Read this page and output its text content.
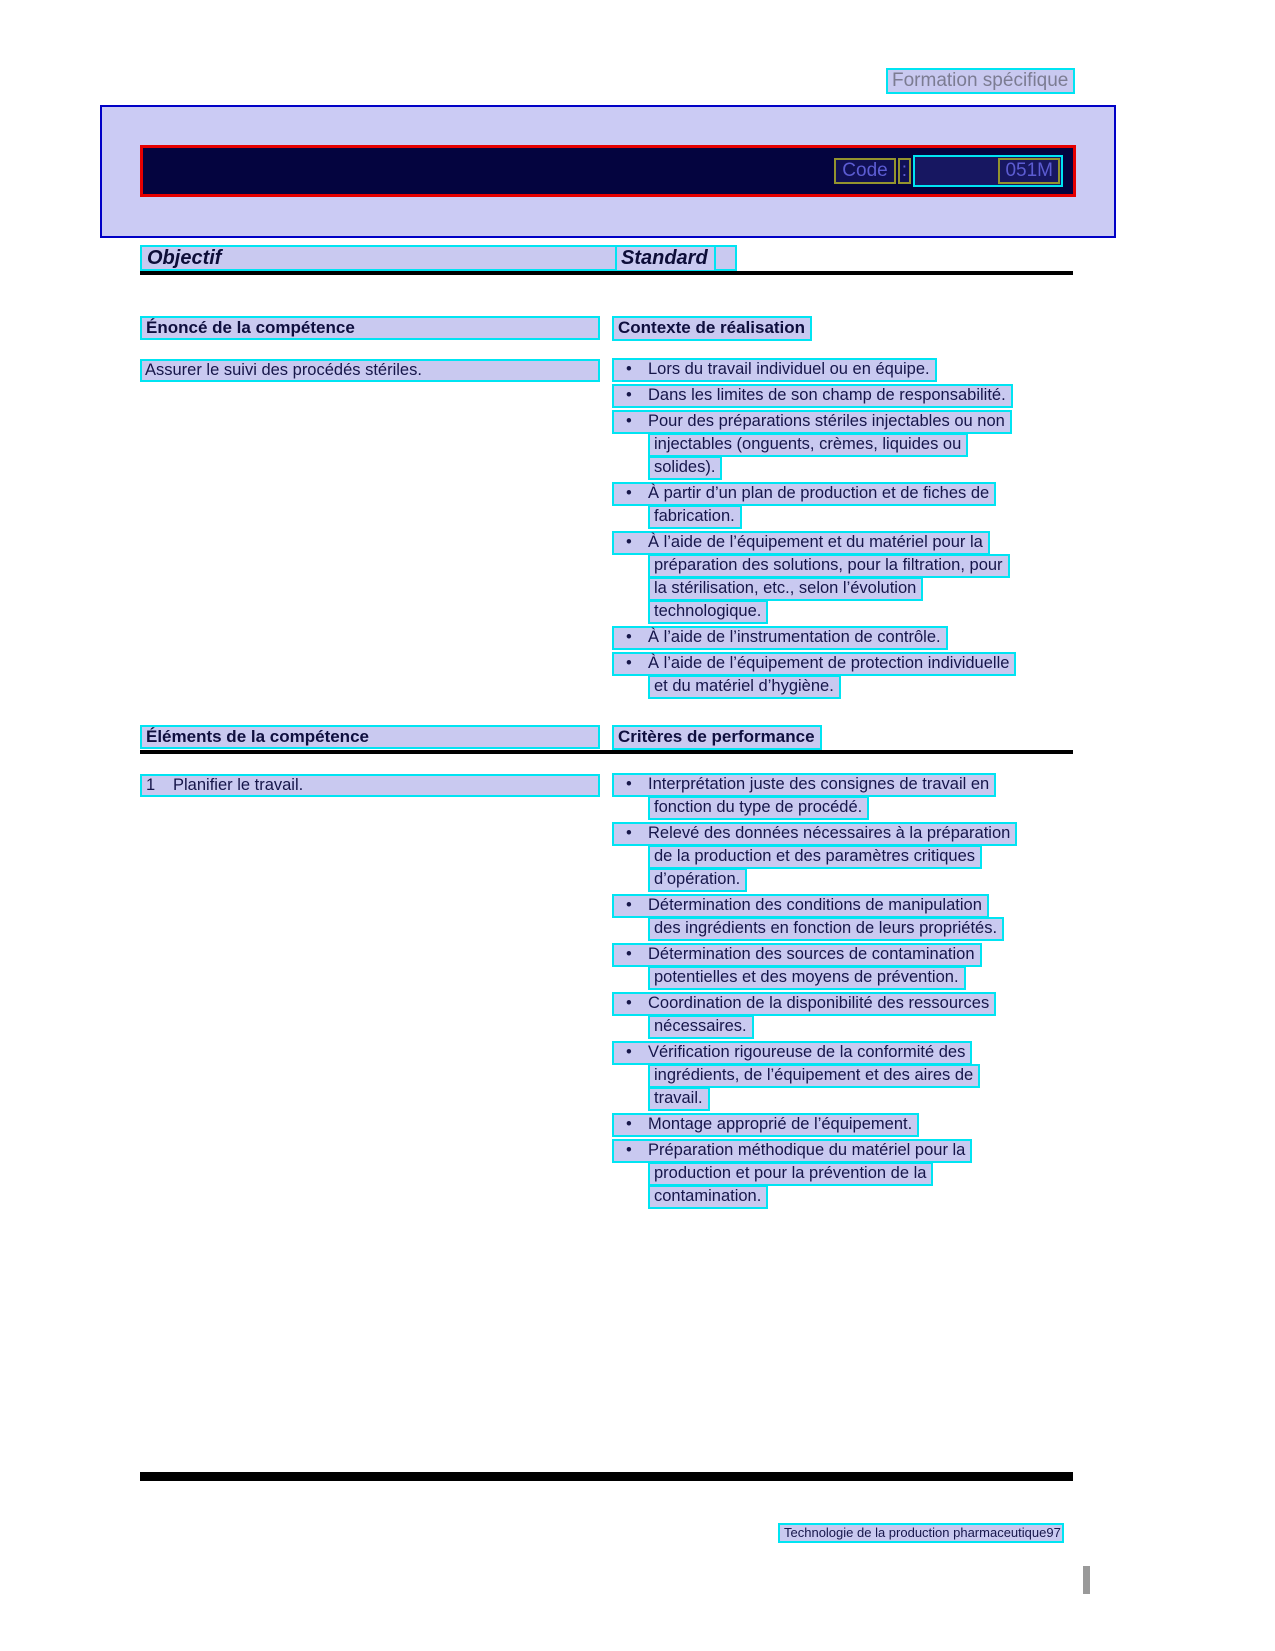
Formation spécifique
Code :	051M
Objectif	Standard
Énoncé de la compétence	Contexte de réalisation
Assurer le suivi des procédés stériles.	• Lors du travail individuel ou en équipe.
• Dans les limites de son champ de responsabilité.
• Pour des préparations stériles injectables ou non
injectables (onguents, crèmes, liquides ou
solides).
• À partir d’un plan de production et de fiches de
fabrication.
• À l’aide de l’équipement et du matériel pour la
préparation des solutions, pour la filtration, pour
la stérilisation, etc., selon l’évolution
technologique.
• À l’aide de l’instrumentation de contrôle.
• À l’aide de l’équipement de protection individuelle
et du matériel d’hygiène.
Éléments de la compétence	Critères de performance
1 Planifier le travail.	• Interprétation juste des consignes de travail en
fonction du type de procédé.
• Relevé des données nécessaires à la préparation
de la production et des paramètres critiques
d’opération.
• Détermination des conditions de manipulation
des ingrédients en fonction de leurs propriétés.
• Détermination des sources de contamination
potentielles et des moyens de prévention.
• Coordination de la disponibilité des ressources
nécessaires.
• Vérification rigoureuse de la conformité des
ingrédients, de l’équipement et des aires de
travail.
• Montage approprié de l’équipement.
• Préparation méthodique du matériel pour la
production et pour la prévention de la
contamination.
Technologie de la production pharmaceutique 97
